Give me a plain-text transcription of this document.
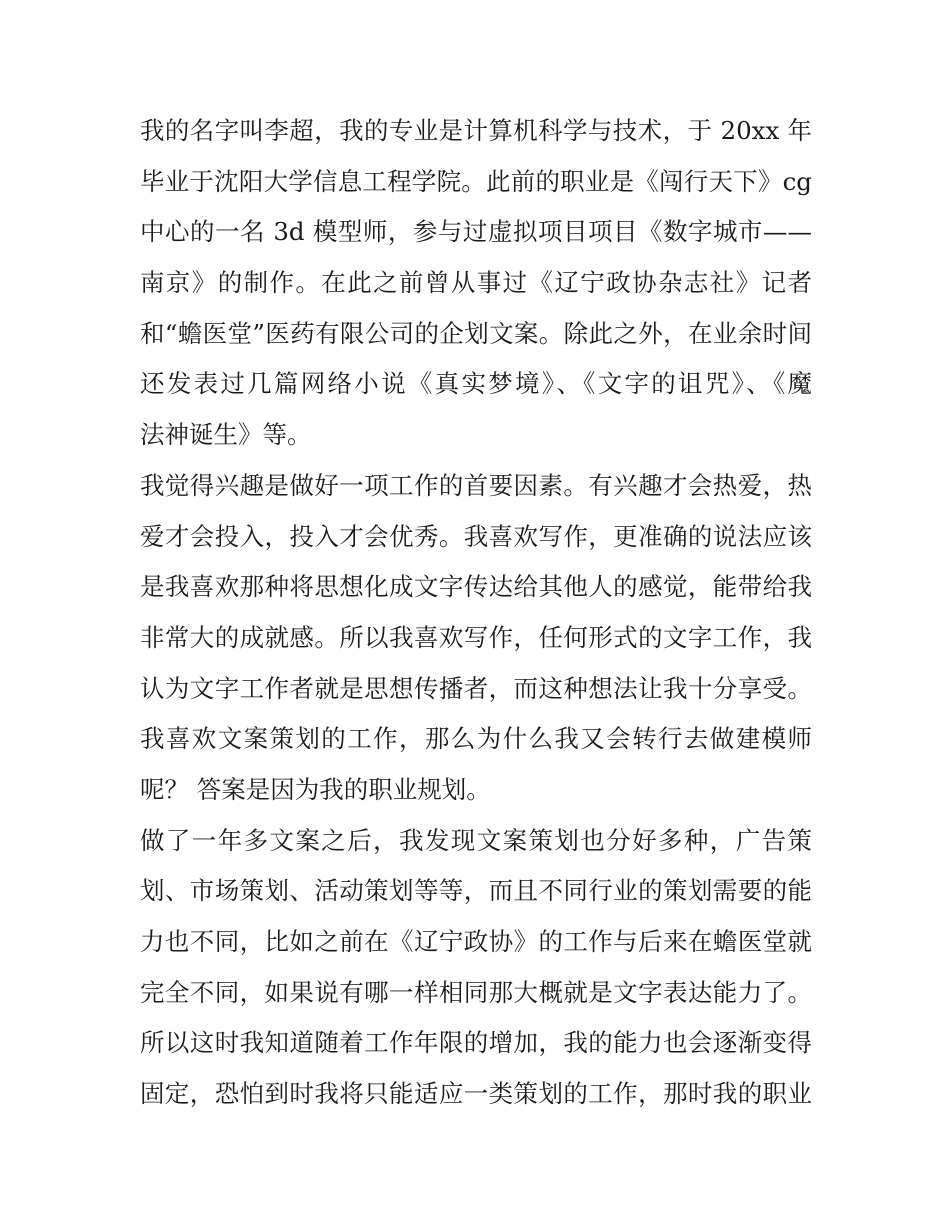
我的名字叫李超，我的专业是计算机科学与技术，于 20xx 年
毕业于沈阳大学信息工程学院。此前的职业是《闯行天下》cg
中心的一名 3d 模型师，参与过虚拟项目项目《数字城市——
南京》的制作。在此之前曾从事过《辽宁政协杂志社》记者
和“蟾医堂”医药有限公司的企划文案。除此之外，在业余时间
还发表过几篇网络小说《真实梦境》、《文字的诅咒》、《魔
法神诞生》等。
我觉得兴趣是做好一项工作的首要因素。有兴趣才会热爱，热
爱才会投入，投入才会优秀。我喜欢写作，更准确的说法应该
是我喜欢那种将思想化成文字传达给其他人的感觉，能带给我
非常大的成就感。所以我喜欢写作，任何形式的文字工作，我
认为文字工作者就是思想传播者，而这种想法让我十分享受。
我喜欢文案策划的工作，那么为什么我又会转行去做建模师
呢？ 答案是因为我的职业规划。
做了一年多文案之后，我发现文案策划也分好多种，广告策
划、市场策划、活动策划等等，而且不同行业的策划需要的能
力也不同，比如之前在《辽宁政协》的工作与后来在蟾医堂就
完全不同，如果说有哪一样相同那大概就是文字表达能力了。
所以这时我知道随着工作年限的增加，我的能力也会逐渐变得
固定，恐怕到时我将只能适应一类策划的工作，那时我的职业
